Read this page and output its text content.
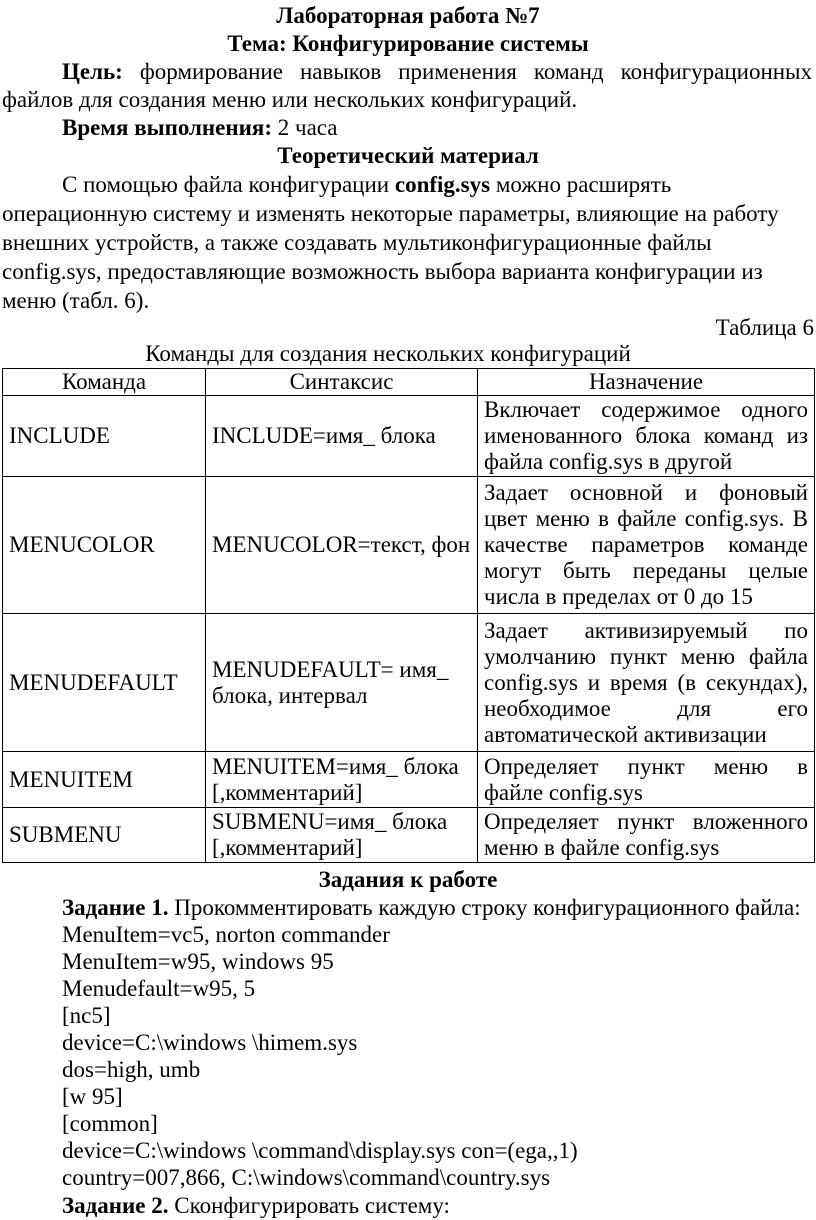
Лабораторная работа №7
Тема: Конфигурирование системы
Цель: формирование навыков применения команд конфигурационных файлов для создания меню или нескольких конфигураций.
Время выполнения: 2 часа
Теоретический материал
С помощью файла конфигурации config.sys можно расширять операционную систему и изменять некоторые параметры, влияющие на работу внешних устройств, а также создавать мультиконфигурационные файлы config.sys, предоставляющие возможность выбора варианта конфигурации из меню (табл. 6).
Таблица 6
Команды для создания нескольких конфигураций
Команда	Синтаксис	Назначение
INCLUDE	INCLUDE=имя_ блока	Включает содержимое одного
именованного блока команд из
файла config.sys в другой

MENUCOLOR	MENUCOLOR=текст, фон	Задает основной и фоновый
цвет меню в файле config.sys. В
качестве параметров команде
могут быть переданы целые
числа в пределах от 0 до 15

MENUDEFAULT	MENUDEFAULT= имя_ блока, интервал	Задает активизируемый по
умолчанию пункт меню файла
config.sys и время (в секундах),
необходимое для его
автоматической активизации

MENUITEM	MENUITEM=имя_ блока [,комментарий]	Определяет пункт меню в
файле config.sys

SUBMENU	SUBMENU=имя_ блока [,комментарий]	Определяет пункт вложенного
меню в файле config.sys
Задания к работе
Задание 1. Прокомментировать каждую строку конфигурационного файла:
MenuItem=vc5, norton commander
MenuItem=w95, windows 95
Menudefault=w95, 5
[nc5]
device=C:\windows \himem.sys
dos=high, umb
[w 95]
[common]
device=C:\windows \command\display.sys con=(ega,,1)
country=007,866, C:\windows\command\country.sys
Задание 2. Сконфигурировать систему:
